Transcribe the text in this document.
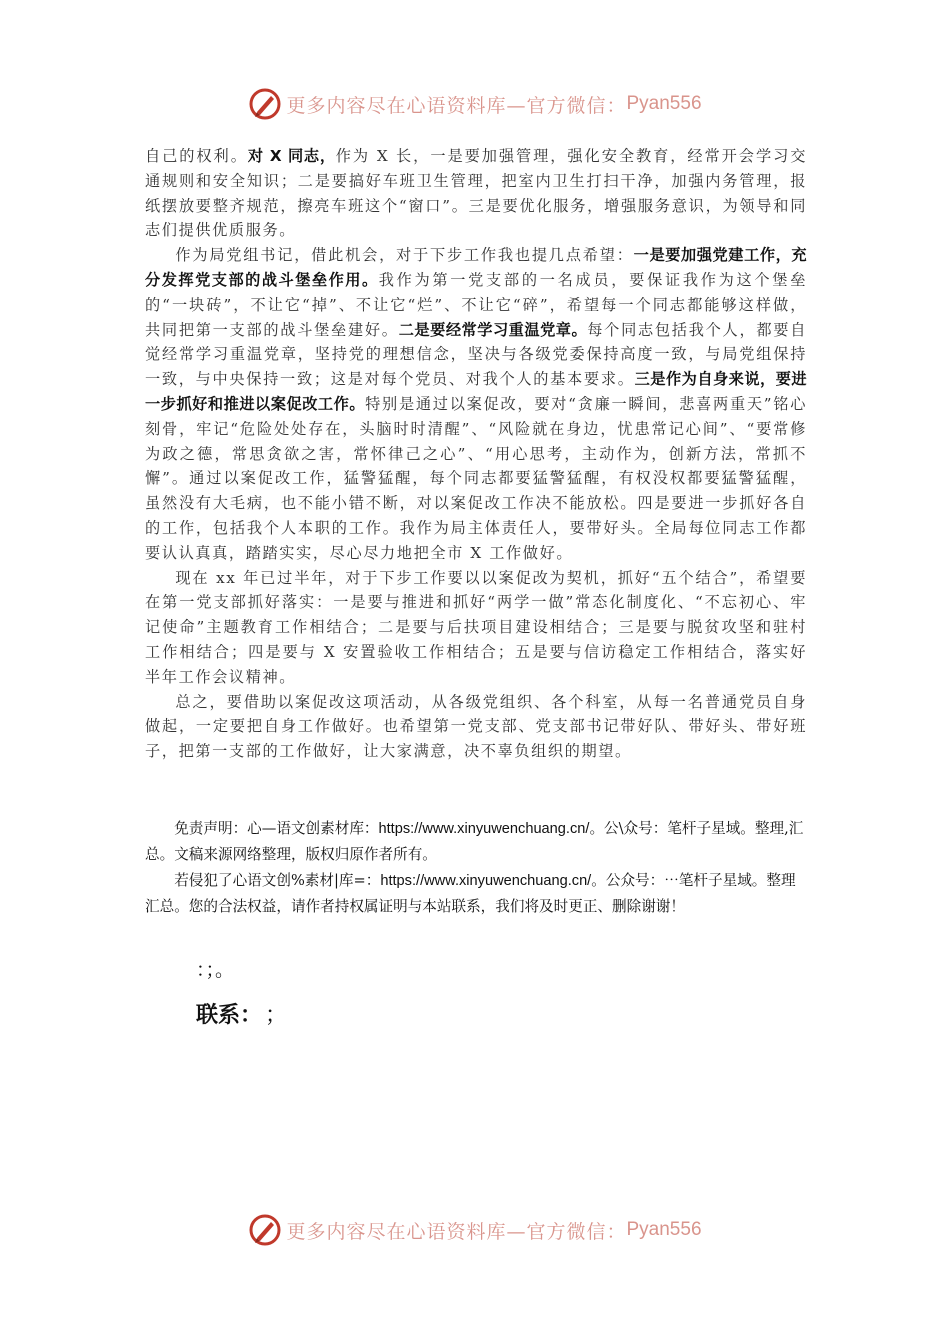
更多内容尽在心语资料库—官方微信： Pyan556

自己的权利。对 X 同志，作为 X 长，一是要加强管理，强化安全教育，经常开会学习交通规则和安全知识；二是要搞好车班卫生管理，把室内卫生打扫干净，加强内务管理，报纸摆放要整齐规范，擦亮车班这个“窗口”。三是要优化服务，增强服务意识，为领导和同志们提供优质服务。

作为局党组书记，借此机会，对于下步工作我也提几点希望：一是要加强党建工作，充分发挥党支部的战斗堡垒作用。我作为第一党支部的一名成员，要保证我作为这个堡垒的“一块砖”，不让它“掉”、不让它“烂”、不让它“碎”，希望每一个同志都能够这样做，共同把第一支部的战斗堡垒建好。二是要经常学习重温党章。每个同志包括我个人，都要自觉经常学习重温党章，坚持党的理想信念，坚决与各级党委保持高度一致，与局党组保持一致，与中央保持一致；这是对每个党员、对我个人的基本要求。三是作为自身来说，要进一步抓好和推进以案促改工作。特别是通过以案促改，要对“贪廉一瞬间，悲喜两重天”铭心刻骨，牢记“危险处处存在，头脑时时清醒”、“风险就在身边，忧患常记心间”、“要常修为政之德，常思贪欲之害，常怀律己之心”、“用心思考，主动作为，创新方法，常抓不懈”。通过以案促改工作，猛警猛醒，每个同志都要猛警猛醒，有权没权都要猛警猛醒，虽然没有大毛病，也不能小错不断，对以案促改工作决不能放松。四是要进一步抓好各自的工作，包括我个人本职的工作。我作为局主体责任人，要带好头。全局每位同志工作都要认认真真，踏踏实实，尽心尽力地把全市 X 工作做好。

现在 xx 年已过半年，对于下步工作要以以案促改为契机，抓好“五个结合”，希望要在第一党支部抓好落实：一是要与推进和抓好“两学一做”常态化制度化、“不忘初心、牢记使命”主题教育工作相结合；二是要与后扶项目建设相结合；三是要与脱贫攻坚和驻村工作相结合；四是要与 X 安置验收工作相结合；五是要与信访稳定工作相结合，落实好半年工作会议精神。

总之，要借助以案促改这项活动，从各级党组织、各个科室，从每一名普通党员自身做起，一定要把自身工作做好。也希望第一党支部、党支部书记带好队、带好头、带好班子，把第一支部的工作做好，让大家满意，决不辜负组织的期望。

免责声明：心—语文创素材库：https://www.xinyuwenchuang.cn/。公\众号：笔杆子星域。整理,汇总。文稿来源网络整理，版权归原作者所有。

若侵犯了心语文创%素材|库=：https://www.xinyuwenchuang.cn/。公众号：⋯笔杆子星域。整理汇总。您的合法权益，请作者持权属证明与本站联系，我们将及时更正、删除谢谢！

：；。
联系： ；
更多内容尽在心语资料库—官方微信： Pyan556
